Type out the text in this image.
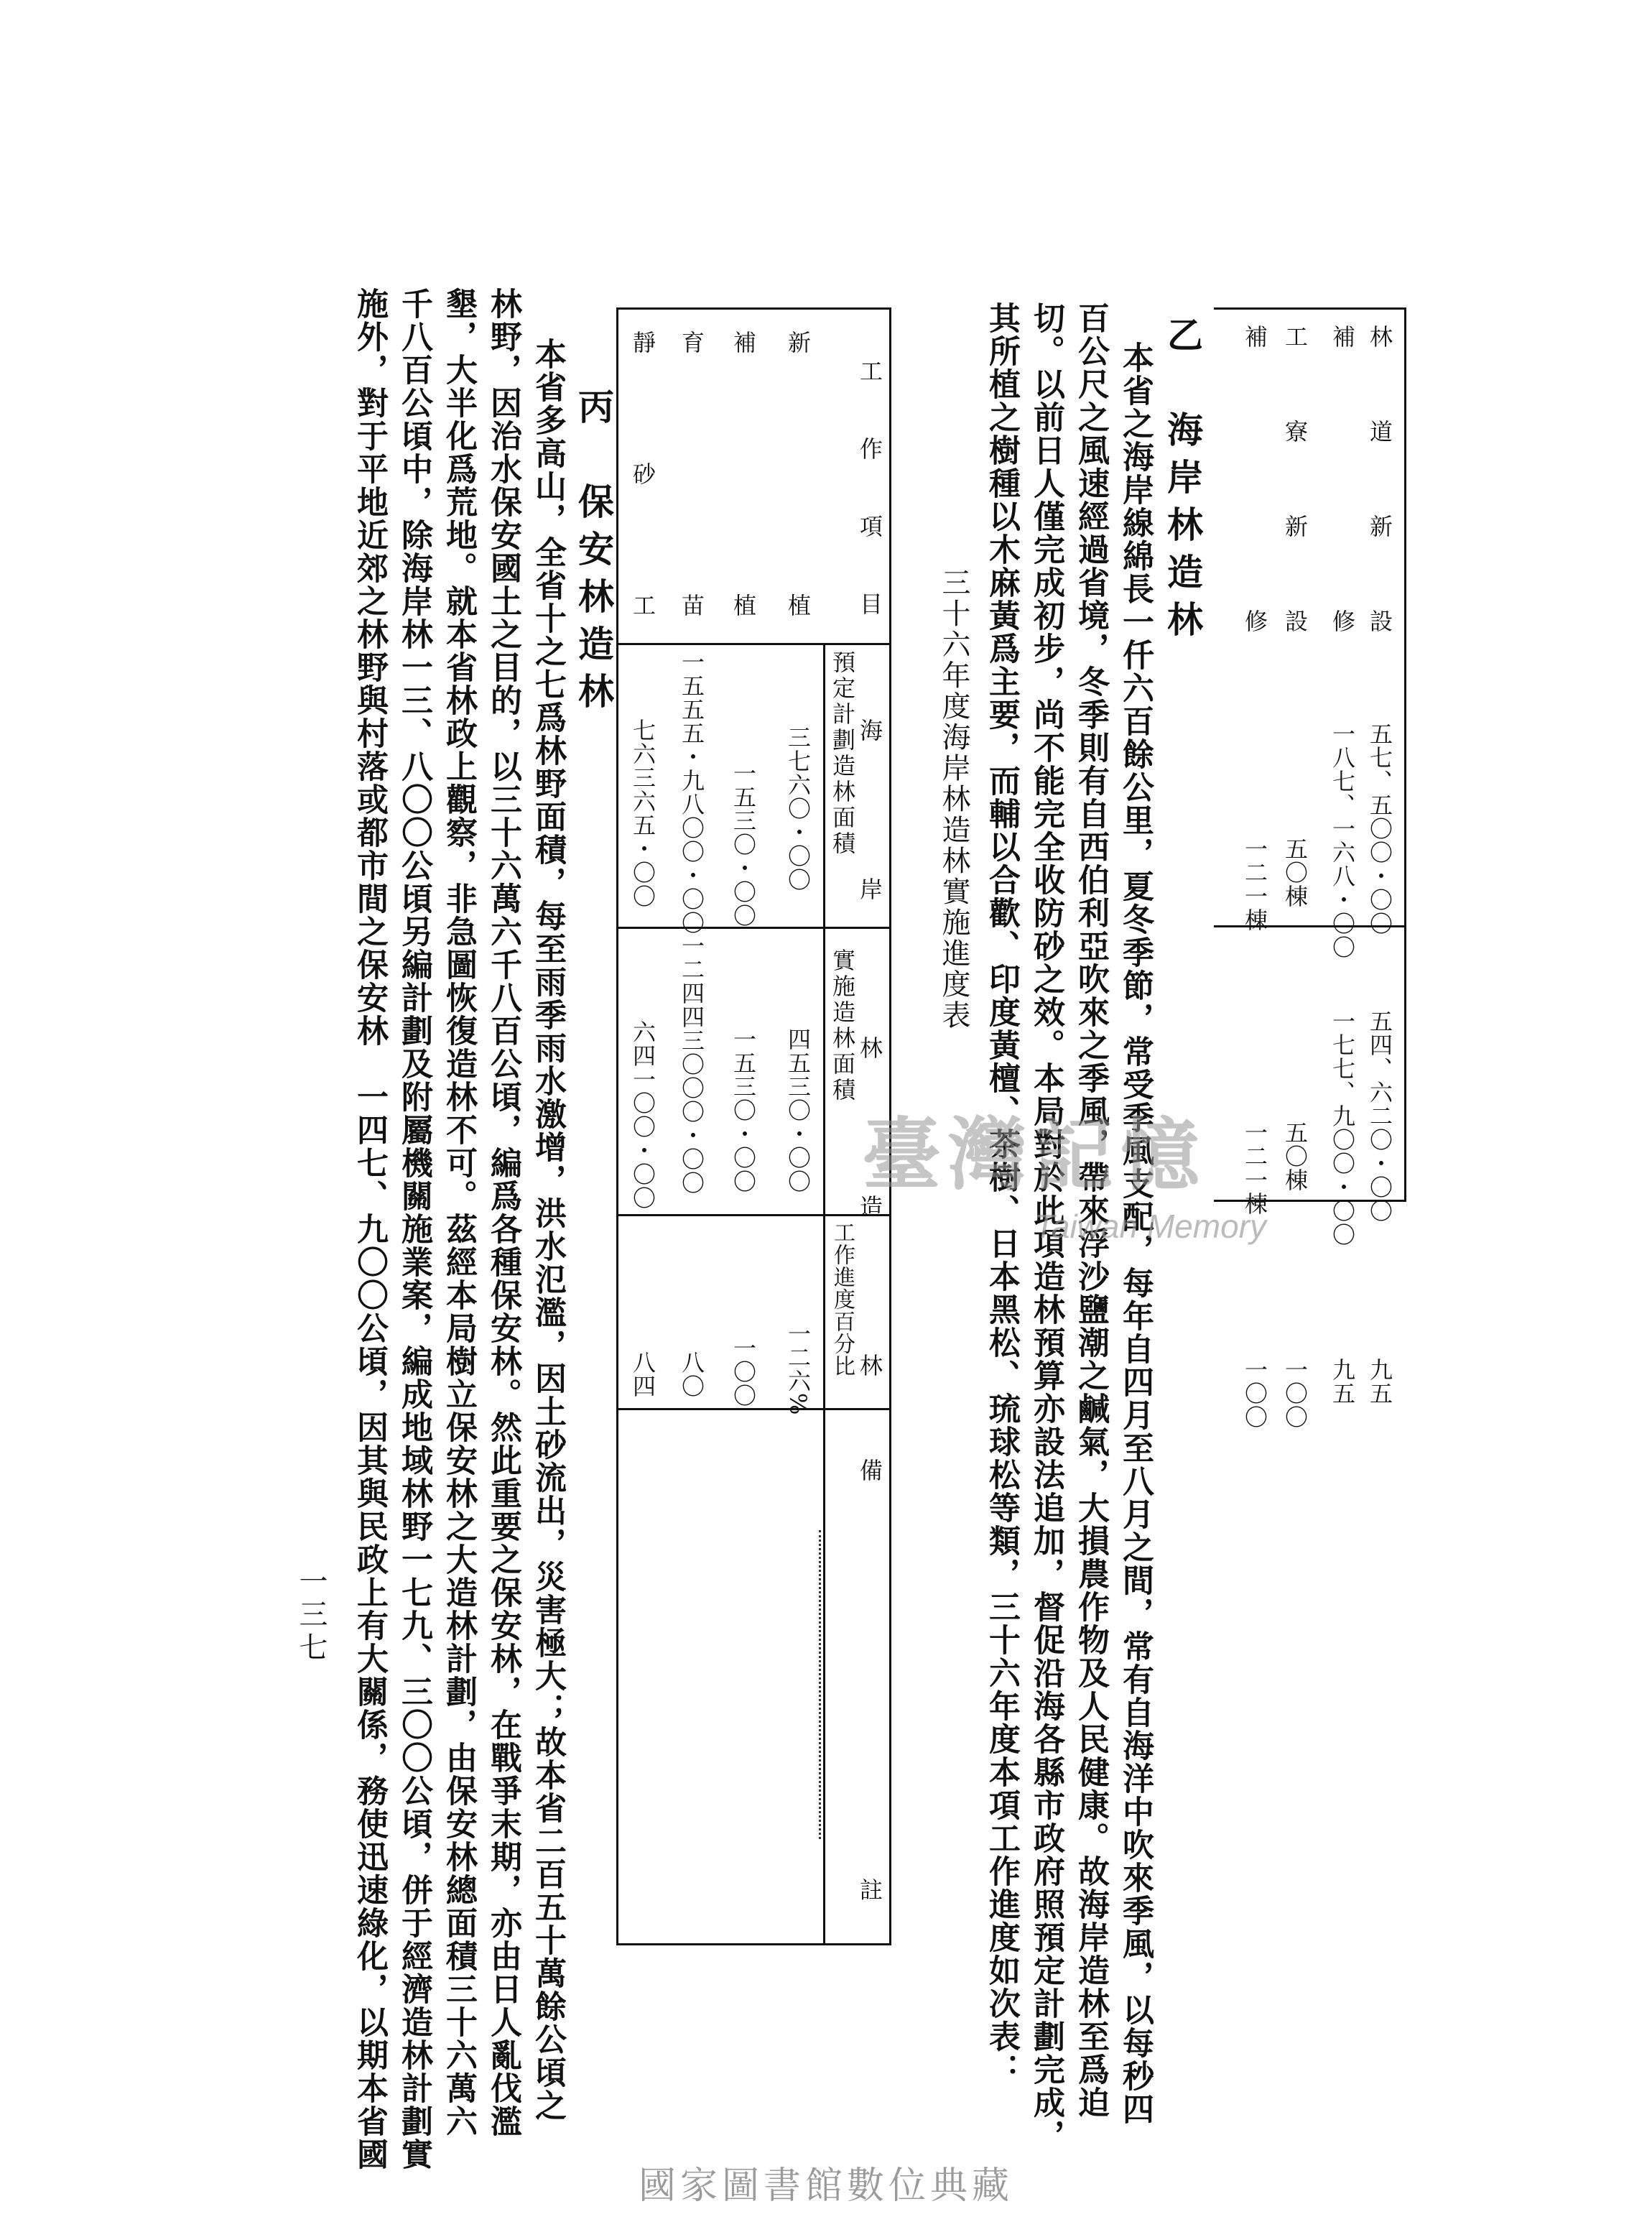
林道新設

補修

工寮新設

補修

五七、五〇〇・〇〇

一八七、一六八・〇〇

五〇棟

一二一棟

五四、六二〇・〇〇

一七七、九〇〇・〇〇

五〇棟

一二一棟

九五

九五

一〇〇

一〇〇

乙　海岸林造林

本省之海岸線綿長一仟六百餘公里，夏冬季節，常受季風支配，每年自四月至八月之間，常有自海洋中吹來季風，以每秒四

百公尺之風速經過省境，冬季則有自西伯利亞吹來之季風，帶來浮沙鹽潮之鹹氣，大損農作物及人民健康。故海岸造林至爲迫

切。以前日人僅完成初步，尚不能完全收防砂之效。本局對於此項造林預算亦設法追加，督促沿海各縣市政府照預定計劃完成，

其所植之樹種以木麻黃爲主要，而輔以合歡、印度黃檀、茶樹、日本黑松、琉球松等類，三十六年度本項工作進度如次表：

三十六年度海岸林造林實施進度表

工作項目

新植

補植

育苗

靜砂工

海岸林造林

預定計劃造林面積

三七六〇・〇〇

一五三〇・〇〇

一五五五・九八〇〇・〇〇

七六三六五・〇〇

實施造林面積

四五三〇・〇〇

一五三〇・〇〇

一二四四三〇〇〇・〇〇

六四一〇〇・〇〇

工作進度百分比

一二六%

一〇〇

八〇

八四

備註

丙　保安林造林

本省多高山，全省十之七爲林野面積，每至雨季雨水激增，洪水氾濫，因土砂流出，災害極大；故本省二百五十萬餘公頃之

林野，因治水保安國土之目的，以三十六萬六千八百公頃，編爲各種保安林。然此重要之保安林，在戰爭末期，亦由日人亂伐濫

墾，大半化爲荒地。就本省林政上觀察，非急圖恢復造林不可。茲經本局樹立保安林之大造林計劃，由保安林總面積三十六萬六

千八百公頃中，除海岸林一三、八〇〇公頃另編計劃及附屬機關施業案，編成地域林野一七九、三〇〇公頃，併于經濟造林計劃實

施外，對于平地近郊之林野與村落或都市間之保安林　一四七、九〇〇公頃，因其與民政上有大關係，務使迅速綠化，以期本省國

一三七

臺灣記憶
Taiwan Memory
國家圖書館數位典藏
